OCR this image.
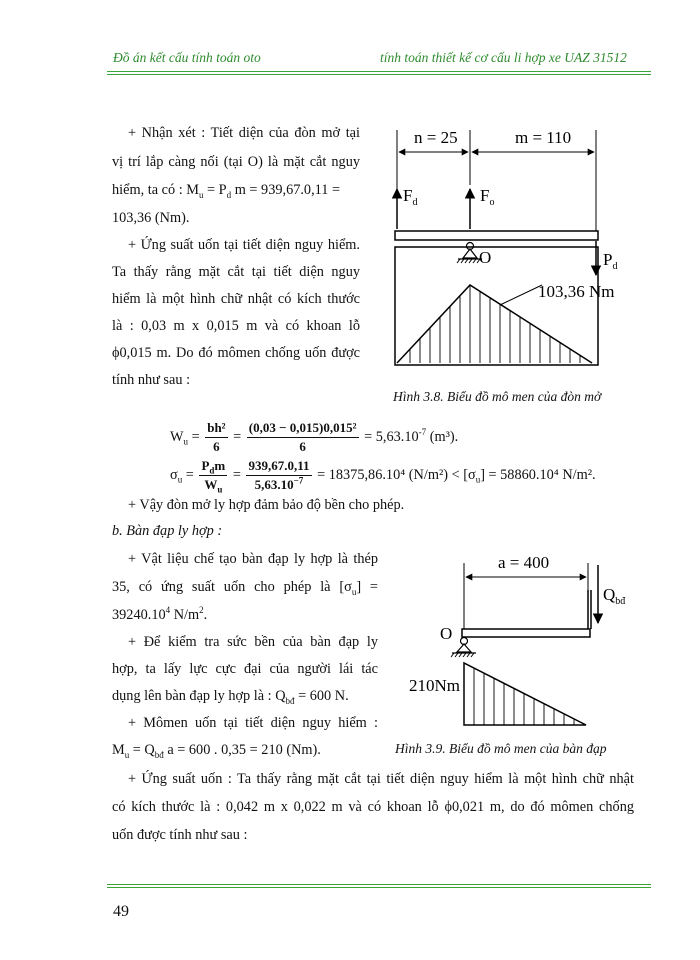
Đồ án kết cấu tính toán oto	tính toán thiết kế cơ cấu li hợp xe UAZ 31512
+ Nhận xét : Tiết diện của đòn mở tại
vị trí lắp càng nối (tại O) là mặt cắt nguy
hiểm, ta có : $M_u = P_d$ m = 939,67.0,11 =
103,36 (Nm).
+ Ứng suất uốn tại tiết diện nguy hiểm.
Ta thấy rằng mặt cắt tại tiết diện nguy
hiểm là một hình chữ nhật có kích thước
là : 0,03 m x 0,015 m và có khoan lỗ
ϕ0,015 m. Do đó mômen chống uốn được
tính như sau :
n = 25	m = 110
$F_d$	$F_o$
$P_d$
O
103,36 Nm
Hình 3.8. Biểu đồ mô men của đòn mở
$W_u = \frac{\text{bh²}}{6} = \frac{\text{(0,03 − 0,015)0,015²}}{6} = 5,63.10^{-7}$ (m³).
$\sigma_u = \frac{P_dm}{W_u} = \frac{939,67.0,11}{5,63.10^{-7}} = 18375,86.10^4$ $(N/m^2) < [\sigma_u] = 58860.10^4$ N/m².
+ Vậy đòn mở ly hợp đảm bảo độ bền cho phép.
b. Bàn đạp ly hợp :
+ Vật liệu chế tạo bàn đạp ly hợp là thép
35, có ứng suất uốn cho phép là $[\sigma_u]$ =
$39240.10^4$ $N/m^2$.
+ Để kiểm tra sức bền của bàn đạp ly
hợp, ta lấy lực cực đại của người lái tác
dụng lên bàn đạp ly hợp là : $Q_{bđ} = 600$ N.
+ Mômen uốn tại tiết diện nguy hiểm :
$M_u = Q_{bđ}$ a = 600 . 0,35 = 210 (Nm).
a = 400
$Q_{bđ}$
O
210Nm
Hình 3.9. Biểu đồ mô men của bàn đạp
+ Ứng suất uốn : Ta thấy rằng mặt cắt tại tiết diện nguy hiểm là một hình chữ nhật
có kích thước là : 0,042 m x 0,022 m và có khoan lỗ ϕ0,021 m, do đó mômen chống
uốn được tính như sau :
49
